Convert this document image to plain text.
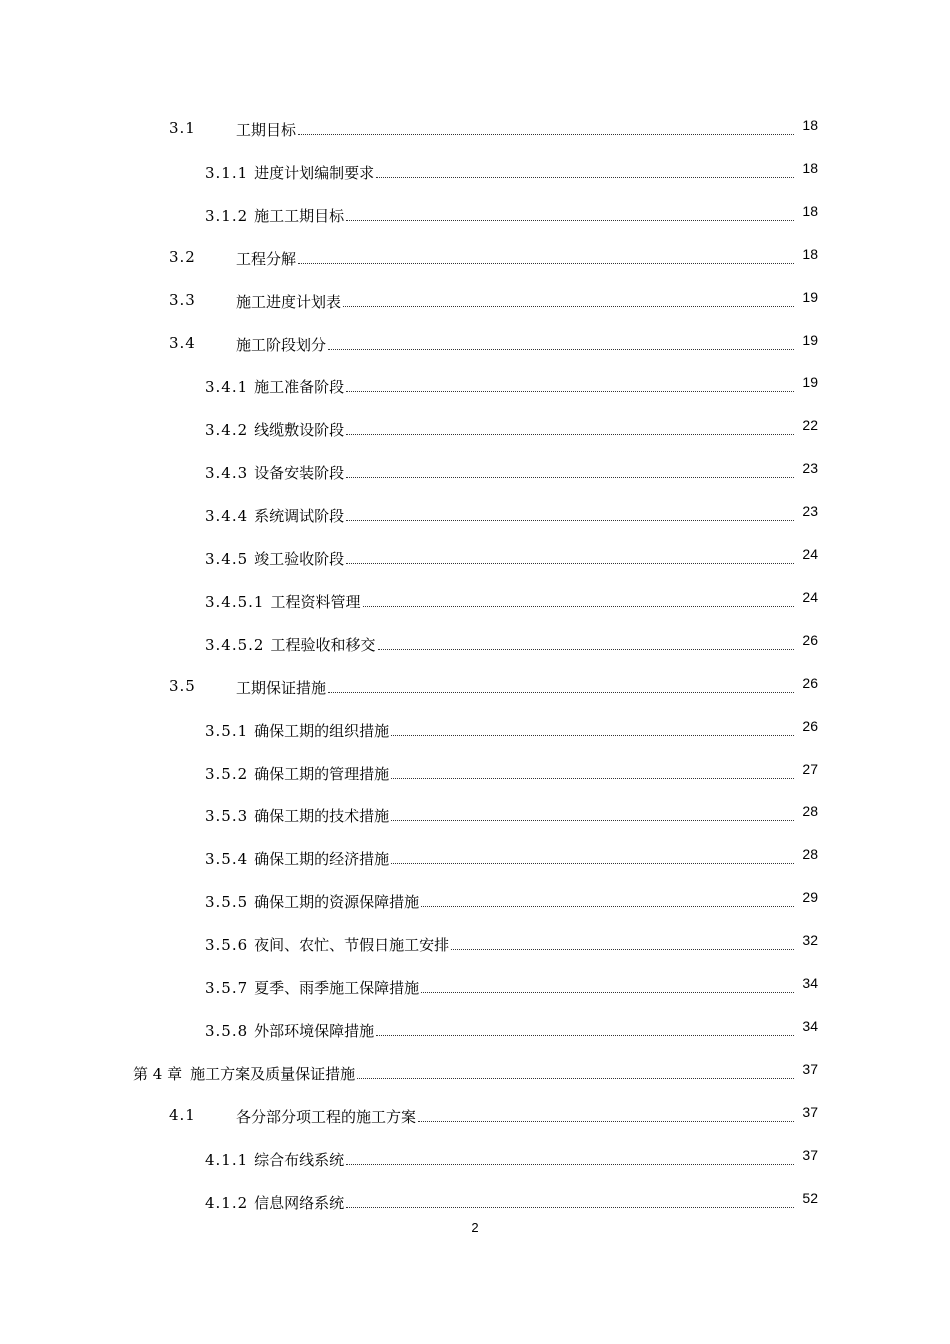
3.1	工期目标	18
3.1.1 进度计划编制要求	18
3.1.2 施工工期目标	18
3.2	工程分解	18
3.3	施工进度计划表	19
3.4	施工阶段划分	19
3.4.1 施工准备阶段	19
3.4.2 线缆敷设阶段	22
3.4.3 设备安装阶段	23
3.4.4 系统调试阶段	23
3.4.5 竣工验收阶段	24
3.4.5.1 工程资料管理	24
3.4.5.2 工程验收和移交	26
3.5	工期保证措施	26
3.5.1 确保工期的组织措施	26
3.5.2 确保工期的管理措施	27
3.5.3 确保工期的技术措施	28
3.5.4 确保工期的经济措施	28
3.5.5 确保工期的资源保障措施	29
3.5.6 夜间、农忙、节假日施工安排	32
3.5.7 夏季、雨季施工保障措施	34
3.5.8 外部环境保障措施	34
第 4 章 施工方案及质量保证措施	37
4.1	各分部分项工程的施工方案	37
4.1.1 综合布线系统	37
4.1.2 信息网络系统	52
2
